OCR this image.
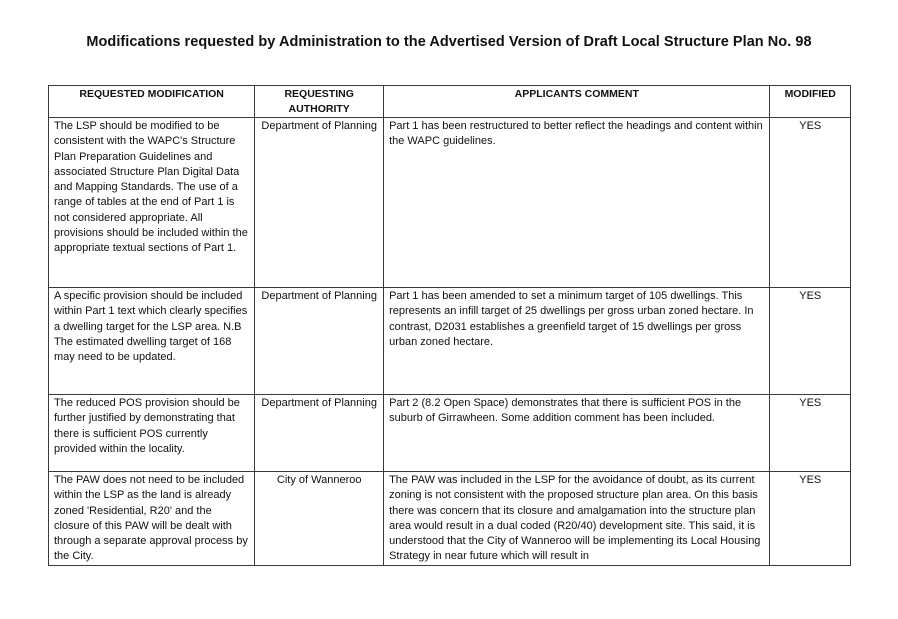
Modifications requested by Administration to the Advertised Version of Draft Local Structure Plan No. 98
REQUESTED MODIFICATION	REQUESTING AUTHORITY	APPLICANTS COMMENT	MODIFIED
The LSP should be modified to be consistent with the WAPC's Structure Plan Preparation Guidelines and associated Structure Plan Digital Data and Mapping Standards. The use of a range of tables at the end of Part 1 is not considered appropriate. All provisions should be included within the appropriate textual sections of Part 1.	Department of Planning	Part 1 has been restructured to better reflect the headings and content within the WAPC guidelines.	YES
A specific provision should be included within Part 1 text which clearly specifies a dwelling target for the LSP area. N.B The estimated dwelling target of 168 may need to be updated.	Department of Planning	Part 1 has been amended to set a minimum target of 105 dwellings. This represents an infill target of 25 dwellings per gross urban zoned hectare. In contrast, D2031 establishes a greenfield target of 15 dwellings per gross urban zoned hectare.	YES
The reduced POS provision should be further justified by demonstrating that there is sufficient POS currently provided within the locality.	Department of Planning	Part 2 (8.2 Open Space) demonstrates that there is sufficient POS in the suburb of Girrawheen. Some addition comment has been included.	YES
The PAW does not need to be included within the LSP as the land is already zoned 'Residential, R20' and the closure of this PAW will be dealt with through a separate approval process by the City.	City of Wanneroo	The PAW was included in the LSP for the avoidance of doubt, as its current zoning is not consistent with the proposed structure plan area. On this basis there was concern that its closure and amalgamation into the structure plan area would result in a dual coded (R20/40) development site. This said, it is understood that the City of Wanneroo will be implementing its Local Housing Strategy in near future which will result in	YES
